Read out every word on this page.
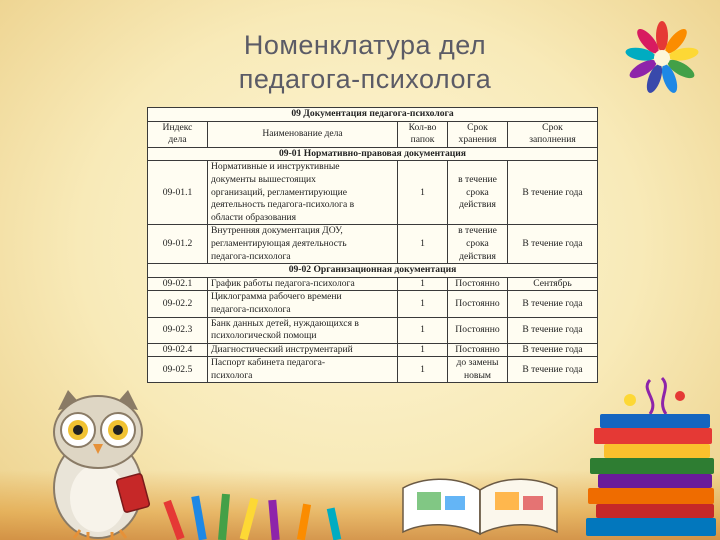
Номенклатура дел
педагога-психолога
09 Документация педагога-психолога				
Индекс
дела	Наименование дела	Кол-во
папок	Срок
хранения	Срок
заполнения
09-01 Нормативно-правовая документация				
09-01.1	Нормативные и инструктивные
документы вышестоящих
организаций, регламентирующие
деятельность педагога-психолога в
области образования	1	в течение
срока
действия	В течение года
09-01.2	Внутренняя документация ДОУ,
регламентирующая деятельность
педагога-психолога	1	в течение
срока
действия	В течение года
09-02 Организационная документация				
09-02.1	График работы педагога-психолога	1	Постоянно	Сентябрь
09-02.2	Циклограмма рабочего времени
педагога-психолога	1	Постоянно	В течение года
09-02.3	Банк данных детей, нуждающихся в
психологической помощи	1	Постоянно	В течение года
09-02.4	Диагностический инструментарий	1	Постоянно	В течение года
09-02.5	Паспорт кабинета педагога-
психолога	1	до замены
новым	В течение года
